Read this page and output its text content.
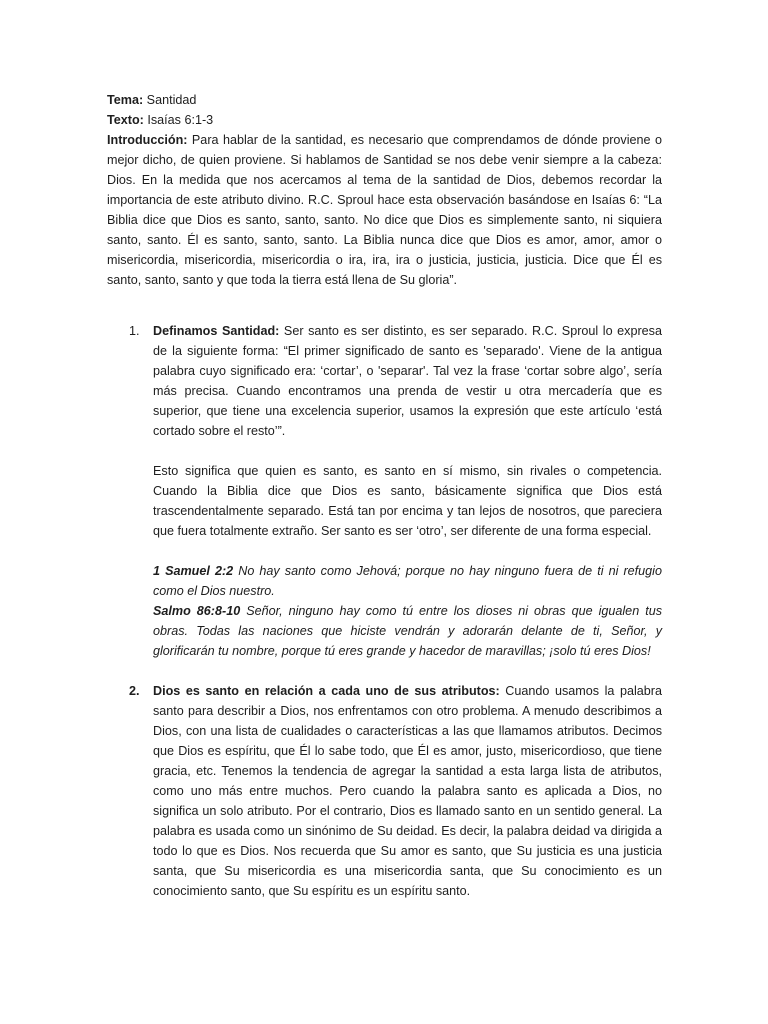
Tema: Santidad

Texto: Isaías 6:1-3

Introducción: Para hablar de la santidad, es necesario que comprendamos de dónde proviene o mejor dicho, de quien proviene. Si hablamos de Santidad se nos debe venir siempre a la cabeza: Dios. En la medida que nos acercamos al tema de la santidad de Dios, debemos recordar la importancia de este atributo divino. R.C. Sproul hace esta observación basándose en Isaías 6: “La Biblia dice que Dios es santo, santo, santo. No dice que Dios es simplemente santo, ni siquiera santo, santo. Él es santo, santo, santo. La Biblia nunca dice que Dios es amor, amor, amor o misericordia, misericordia, misericordia o ira, ira, ira o justicia, justicia, justicia. Dice que Él es santo, santo, santo y que toda la tierra está llena de Su gloria”.

1.	Definamos Santidad: Ser santo es ser distinto, es ser separado. R.C. Sproul lo expresa de la siguiente forma: “El primer significado de santo es 'separado'. Viene de la antigua palabra cuyo significado era: ‘cortar’, o 'separar'. Tal vez la frase ‘cortar sobre algo’, sería más precisa. Cuando encontramos una prenda de vestir u otra mercadería que es superior, que tiene una excelencia superior, usamos la expresión que este artículo ‘está cortado sobre el resto’”.

Esto significa que quien es santo, es santo en sí mismo, sin rivales o competencia. Cuando la Biblia dice que Dios es santo, básicamente significa que Dios está trascendentalmente separado. Está tan por encima y tan lejos de nosotros, que pareciera que fuera totalmente extraño. Ser santo es ser ‘otro’, ser diferente de una forma especial.

1 Samuel 2:2 No hay santo como Jehová; porque no hay ninguno fuera de ti ni refugio como el Dios nuestro.

Salmo 86:8-10 Señor, ninguno hay como tú entre los dioses ni obras que igualen tus obras. Todas las naciones que hiciste vendrán y adorarán delante de ti, Señor, y glorificarán tu nombre, porque tú eres grande y hacedor de maravillas; ¡solo tú eres Dios!

2.	Dios es santo en relación a cada uno de sus atributos: Cuando usamos la palabra santo para describir a Dios, nos enfrentamos con otro problema. A menudo describimos a Dios, con una lista de cualidades o características a las que llamamos atributos. Decimos que Dios es espíritu, que Él lo sabe todo, que Él es amor, justo, misericordioso, que tiene gracia, etc. Tenemos la tendencia de agregar la santidad a esta larga lista de atributos, como uno más entre muchos. Pero cuando la palabra santo es aplicada a Dios, no significa un solo atributo. Por el contrario, Dios es llamado santo en un sentido general. La palabra es usada como un sinónimo de Su deidad. Es decir, la palabra deidad va dirigida a todo lo que es Dios. Nos recuerda que Su amor es santo, que Su justicia es una justicia santa, que Su misericordia es una misericordia santa, que Su conocimiento es un conocimiento santo, que Su espíritu es un espíritu santo.
